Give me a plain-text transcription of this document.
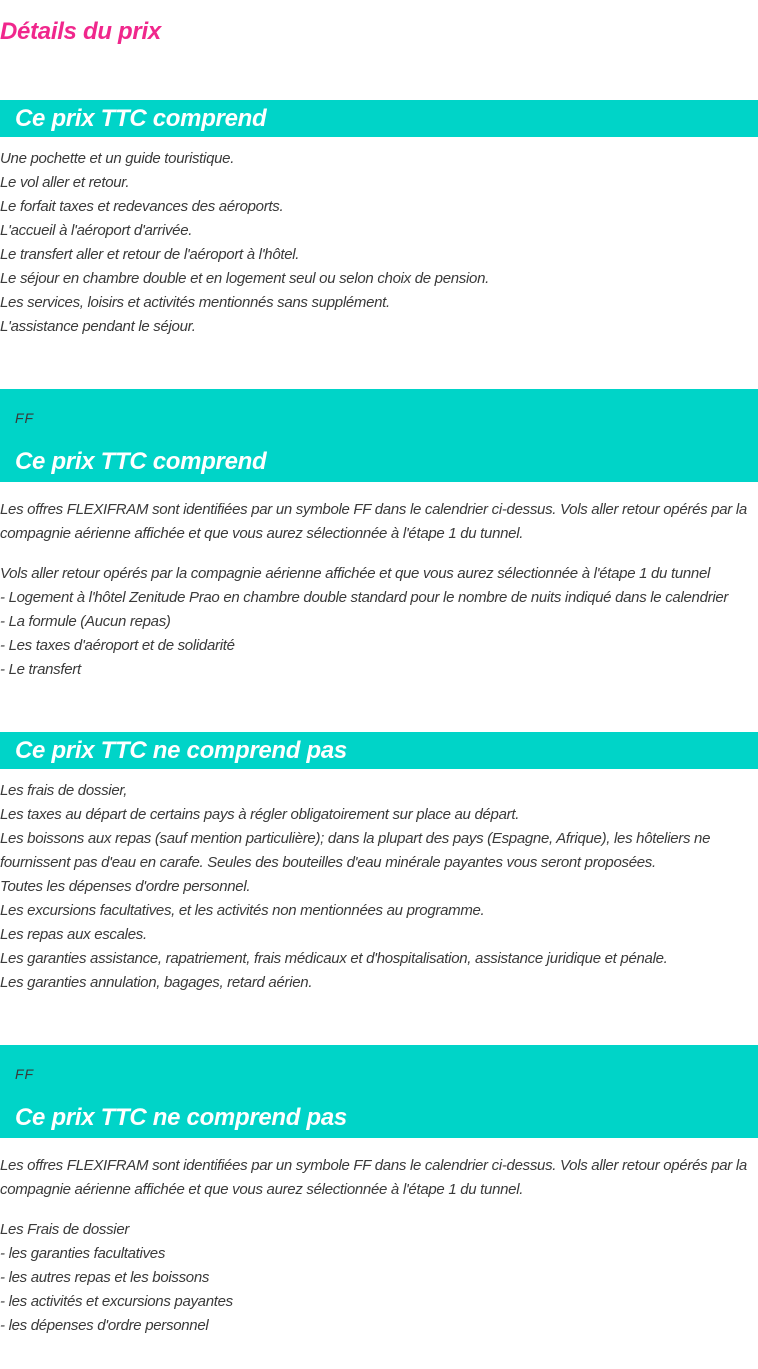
Détails du prix
Ce prix TTC comprend
Une pochette et un guide touristique.
Le vol aller et retour.
Le forfait taxes et redevances des aéroports.
L'accueil à l'aéroport d'arrivée.
Le transfert aller et retour de l'aéroport à l'hôtel.
Le séjour en chambre double et en logement seul ou selon choix de pension.
Les services, loisirs et activités mentionnés sans supplément.
L'assistance pendant le séjour.
FF
Ce prix TTC comprend

Les offres FLEXIFRAM sont identifiées par un symbole FF dans le calendrier ci-dessus. Vols aller retour opérés par la compagnie aérienne affichée et que vous aurez sélectionnée à l'étape 1 du tunnel.

Vols aller retour opérés par la compagnie aérienne affichée et que vous aurez sélectionnée à l'étape 1 du tunnel
- Logement à l'hôtel Zenitude Prao en chambre double standard pour le nombre de nuits indiqué dans le calendrier
- La formule (Aucun repas)
- Les taxes d'aéroport et de solidarité
- Le transfert
Ce prix TTC ne comprend pas
Les frais de dossier,
Les taxes au départ de certains pays à régler obligatoirement sur place au départ.
Les boissons aux repas (sauf mention particulière); dans la plupart des pays (Espagne, Afrique), les hôteliers ne
fournissent pas d'eau en carafe. Seules des bouteilles d'eau minérale payantes vous seront proposées.
Toutes les dépenses d'ordre personnel.
Les excursions facultatives, et les activités non mentionnées au programme.
Les repas aux escales.
Les garanties assistance, rapatriement, frais médicaux et d'hospitalisation, assistance juridique et pénale.
Les garanties annulation, bagages, retard aérien.
FF
Ce prix TTC ne comprend pas

Les offres FLEXIFRAM sont identifiées par un symbole FF dans le calendrier ci-dessus. Vols aller retour opérés par la compagnie aérienne affichée et que vous aurez sélectionnée à l'étape 1 du tunnel.

Les Frais de dossier
- les garanties facultatives
- les autres repas et les boissons
- les activités et excursions payantes
- les dépenses d'ordre personnel
